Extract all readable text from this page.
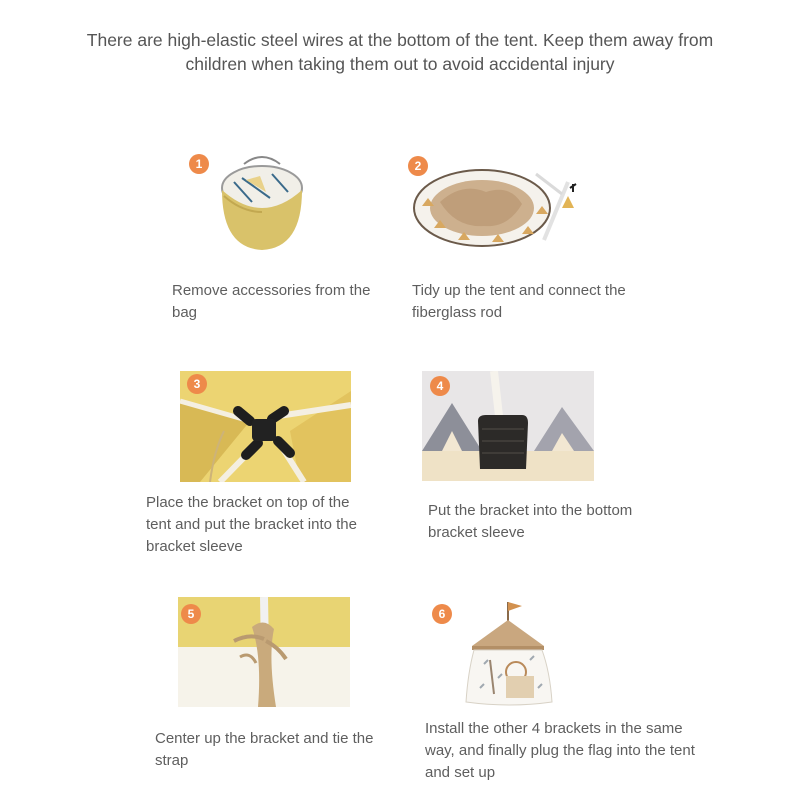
There are high-elastic steel wires at the bottom of the tent. Keep them away from children when taking them out to avoid accidental injury
1
Remove accessories from the bag
2
Tidy up the tent and connect the fiberglass rod
3
Place the bracket on top of the tent and put the bracket into the bracket sleeve
4
Put the bracket into the bottom bracket sleeve
5
Center up the bracket and tie the strap
6
Install the other 4 brackets in the same way, and finally plug the flag into the tent and set up
